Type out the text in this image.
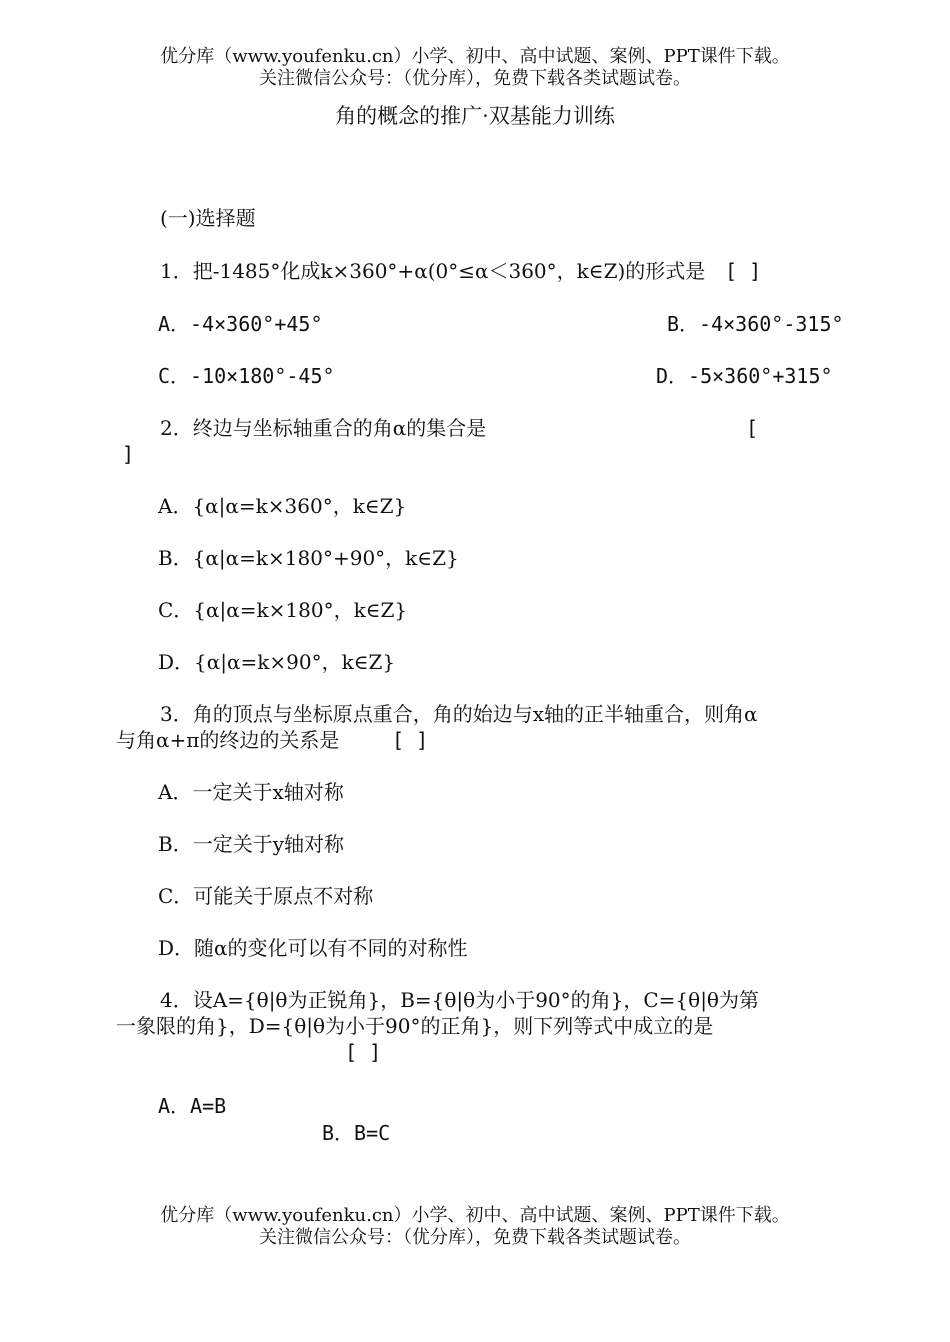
优分库（www.youfenku.cn）小学、初中、高中试题、案例、PPT课件下载。
关注微信公众号：（优分库），免费下载各类试题试卷。
角的概念的推广·双基能力训练
(一)选择题
1．把-1485°化成k×360°+α(0°≤α＜360°，k∈Z)的形式是 [ ]
A．-4×360°+45°	B．-4×360°-315°
C．-10×180°-45°	D．-5×360°+315°
2．终边与坐标轴重合的角α的集合是	[
]
A．{α|α=k×360°，k∈Z}
B．{α|α=k×180°+90°，k∈Z}
C．{α|α=k×180°，k∈Z}
D．{α|α=k×90°，k∈Z}
3．角的顶点与坐标原点重合，角的始边与x轴的正半轴重合，则角α
与角α+π的终边的关系是	[ ]
A．一定关于x轴对称
B．一定关于y轴对称
C．可能关于原点不对称
D．随α的变化可以有不同的对称性
4．设A={θ|θ为正锐角}，B={θ|θ为小于90°的角}，C={θ|θ为第
一象限的角}，D={θ|θ为小于90°的正角}，则下列等式中成立的是
[ ]
A．A=B
B．B=C
优分库（www.youfenku.cn）小学、初中、高中试题、案例、PPT课件下载。
关注微信公众号：（优分库），免费下载各类试题试卷。
